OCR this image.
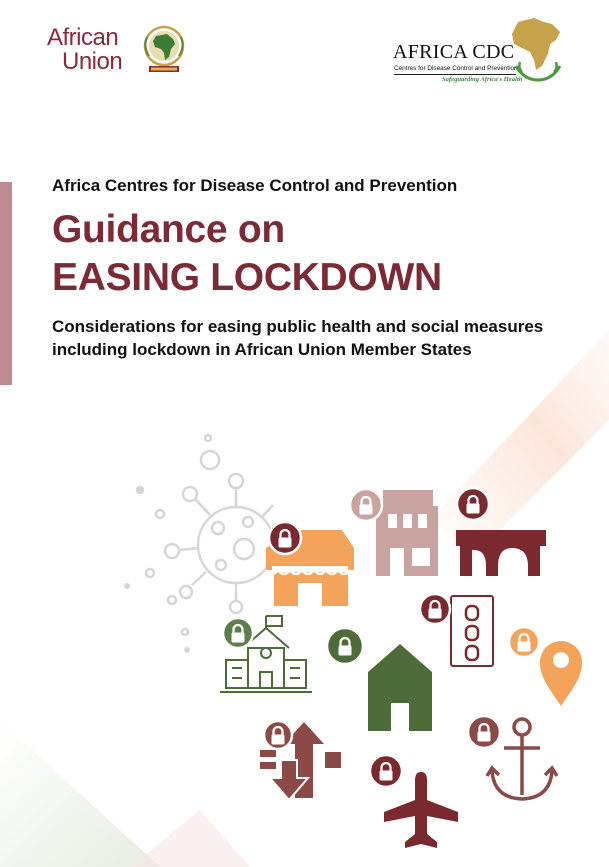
African
Union	AFRICA CDC
Centres for Disease Control and Prevention
Safeguarding Africa's Health
Africa Centres for Disease Control and Prevention
Guidance on
EASING LOCKDOWN
Considerations for easing public health and social measures including lockdown in African Union Member States
